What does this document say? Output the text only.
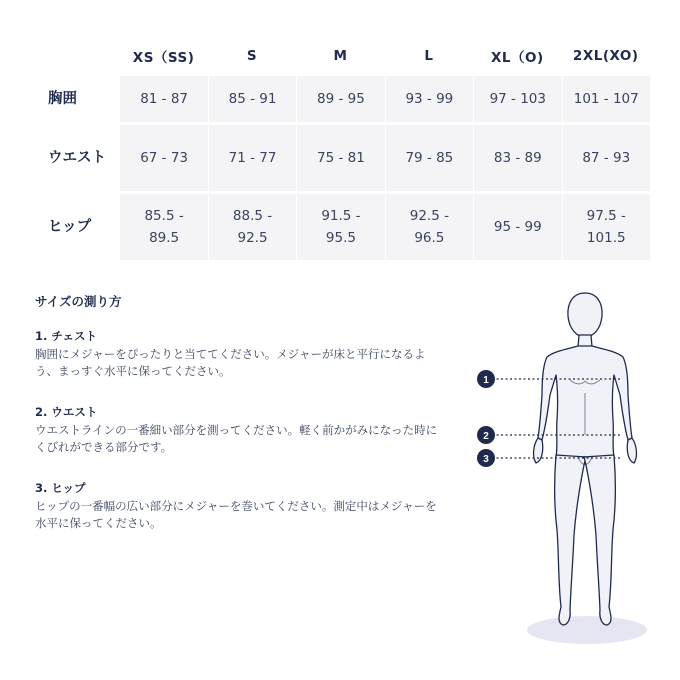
	XS（SS)	S	M	L	XL（O)	2XL(XO)
胸囲	81 - 87	85 - 91	89 - 95	93 - 99	97 - 103	101 - 107
ウエスト	67 - 73	71 - 77	75 - 81	79 - 85	83 - 89	87 - 93
ヒップ	85.5 - 89.5	88.5 - 92.5	91.5 - 95.5	92.5 - 96.5	95 - 99	97.5 - 101.5
サイズの測り方

1. チェスト

胸囲にメジャーをぴったりと当ててください。メジャーが床と平行になるよう、まっすぐ水平に保ってください。

2. ウエスト

ウエストラインの一番細い部分を測ってください。軽く前かがみになった時にくびれができる部分です。

3. ヒップ

ヒップの一番幅の広い部分にメジャーを巻いてください。測定中はメジャーを水平に保ってください。

1
2
3
